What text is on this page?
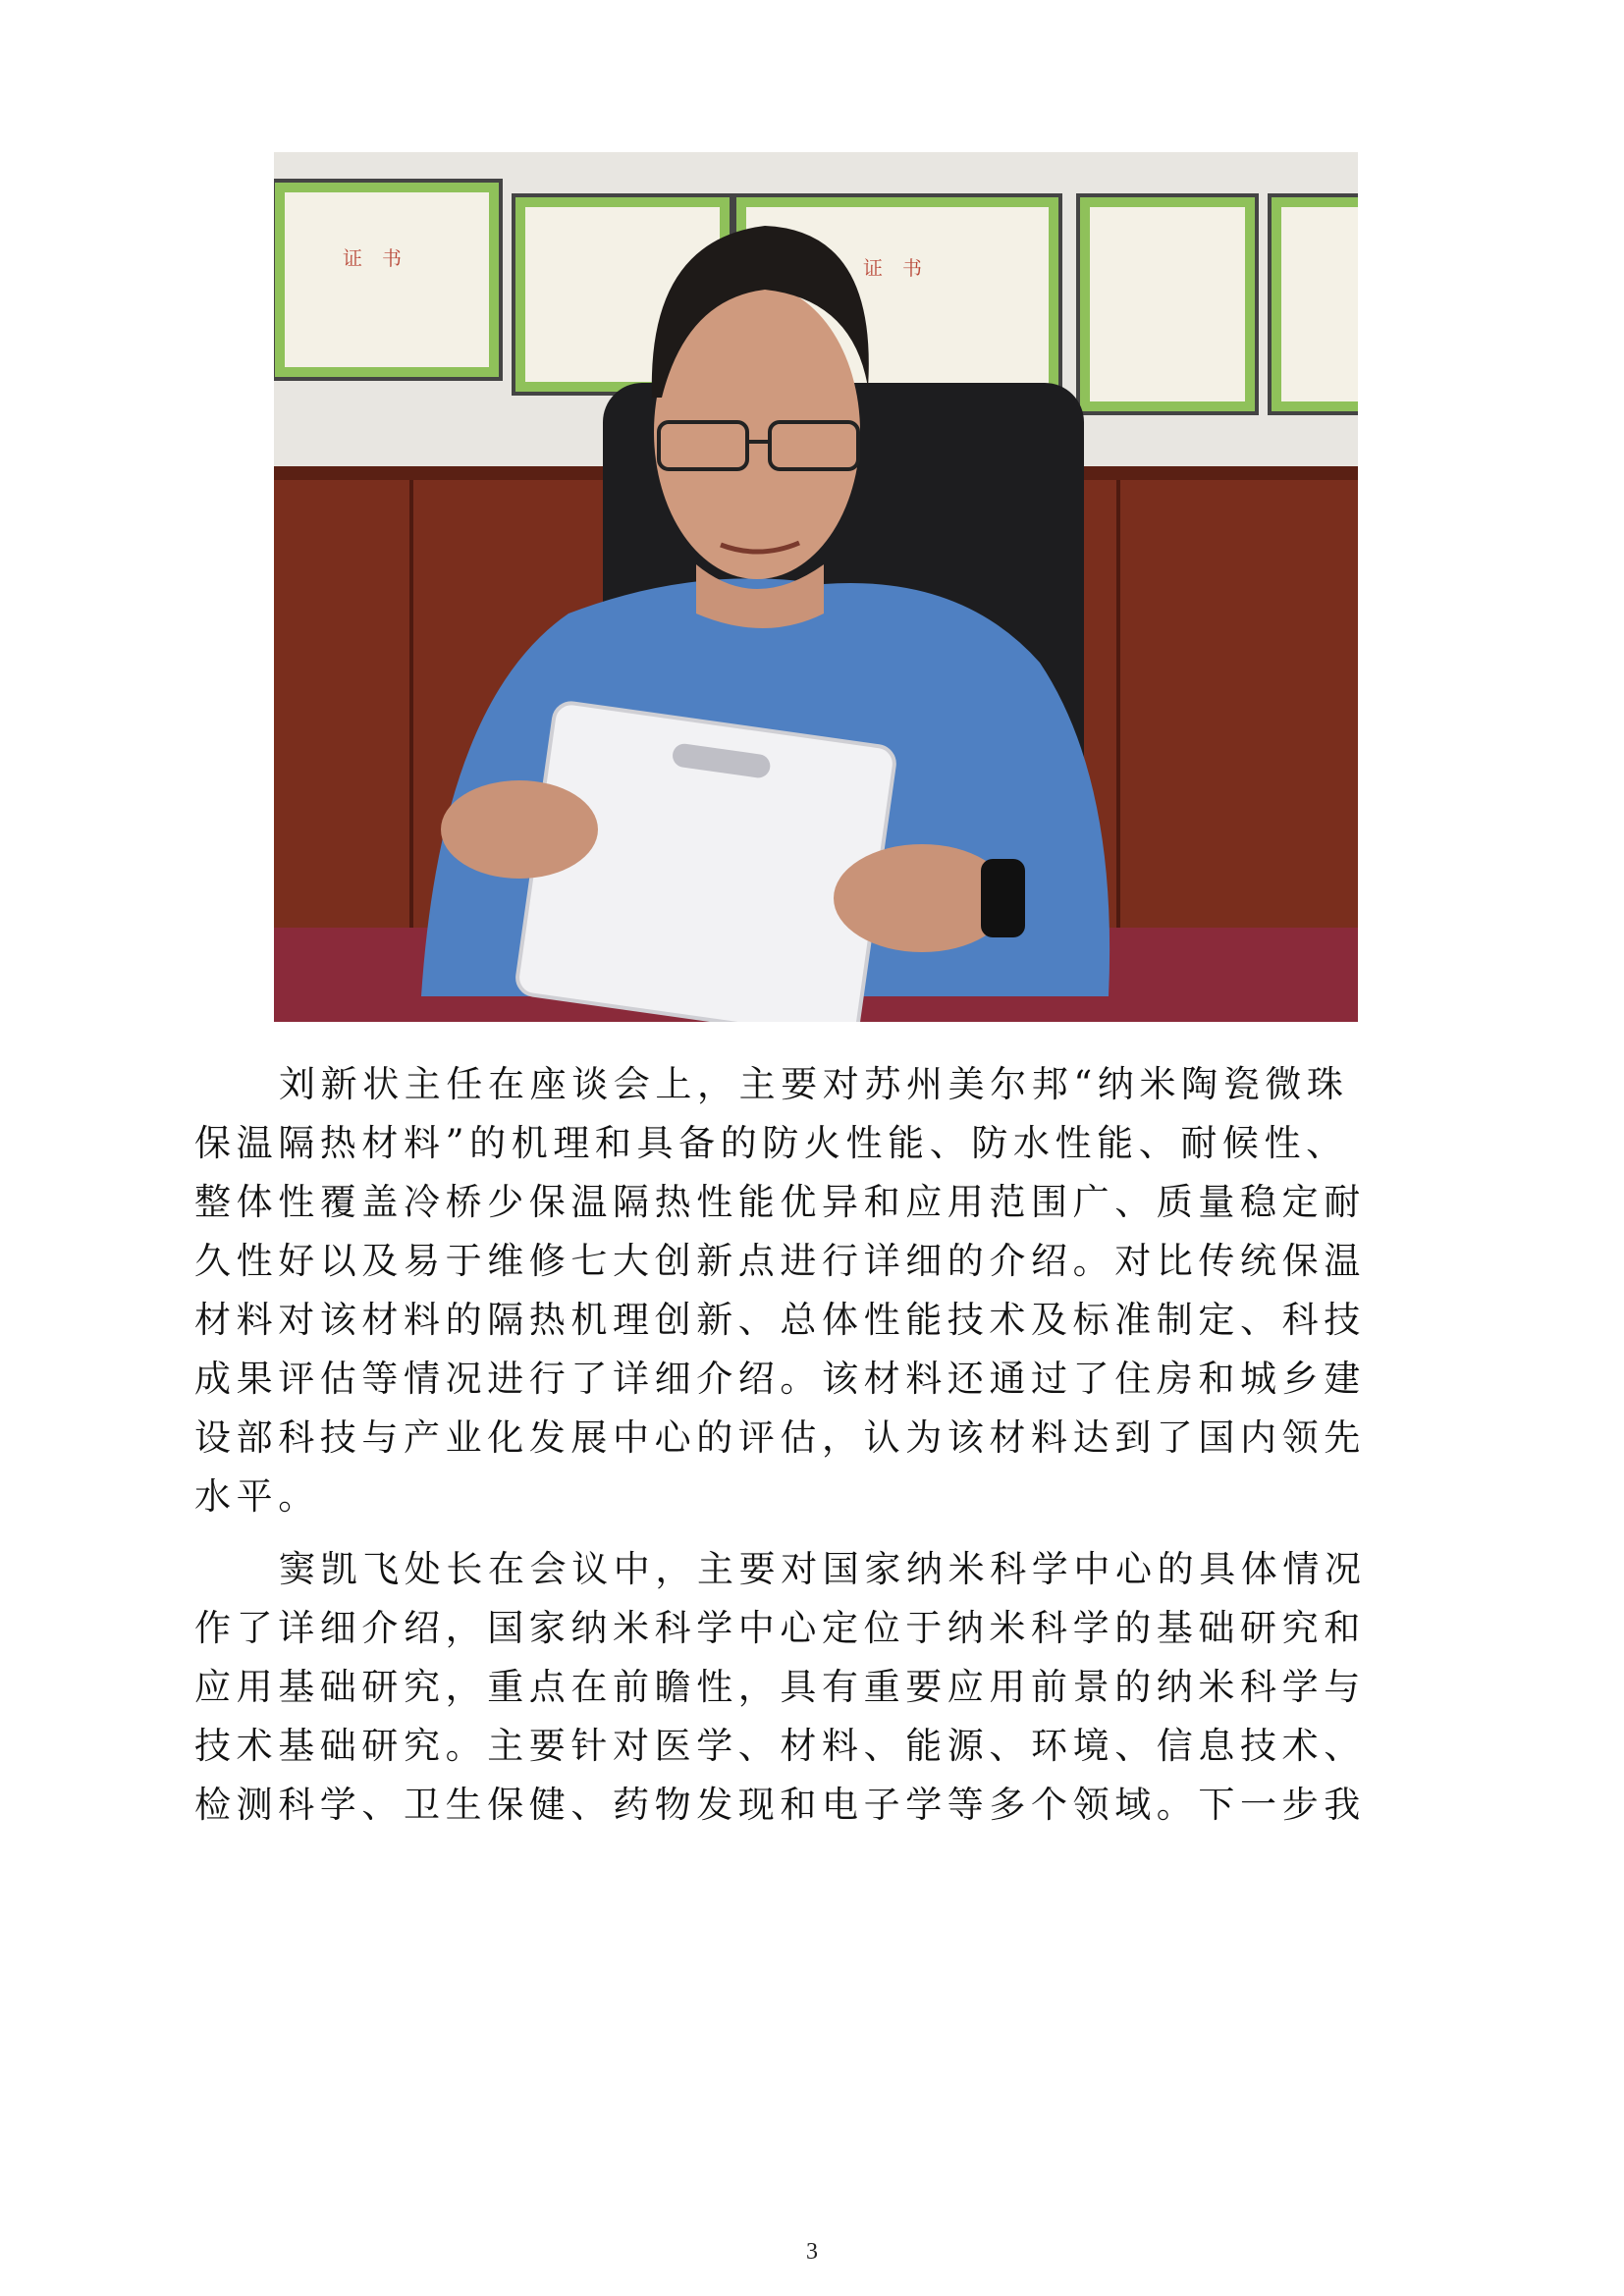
证　书	证　书

刘新状主任在座谈会上，主要对苏州美尔邦“纳米陶瓷微珠
保温隔热材料”的机理和具备的防火性能、防水性能、耐候性、
整体性覆盖冷桥少保温隔热性能优异和应用范围广、质量稳定耐
久性好以及易于维修七大创新点进行详细的介绍。对比传统保温
材料对该材料的隔热机理创新、总体性能技术及标准制定、科技
成果评估等情况进行了详细介绍。该材料还通过了住房和城乡建
设部科技与产业化发展中心的评估，认为该材料达到了国内领先
水平。

窦凯飞处长在会议中，主要对国家纳米科学中心的具体情况
作了详细介绍，国家纳米科学中心定位于纳米科学的基础研究和
应用基础研究，重点在前瞻性，具有重要应用前景的纳米科学与
技术基础研究。主要针对医学、材料、能源、环境、信息技术、
检测科学、卫生保健、药物发现和电子学等多个领域。下一步我

3
